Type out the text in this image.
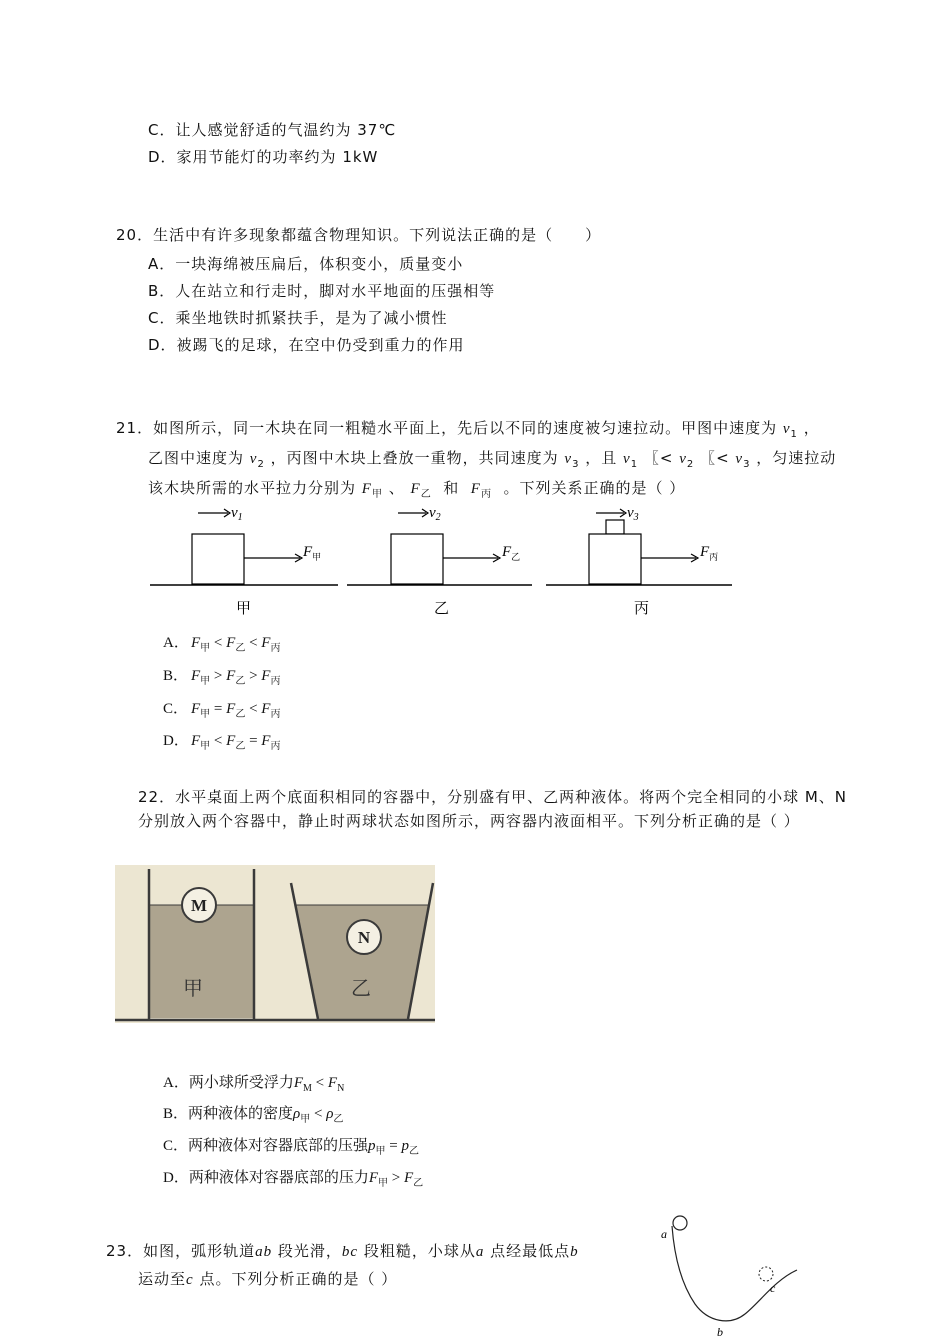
C．让人感觉舒适的气温约为 37℃
D．家用节能灯的功率约为 1kW
20．生活中有许多现象都蕴含物理知识。下列说法正确的是（　　）
A．一块海绵被压扁后，体积变小，质量变小
B．人在站立和行走时，脚对水平地面的压强相等
C．乘坐地铁时抓紧扶手，是为了减小惯性
D．被踢飞的足球，在空中仍受到重力的作用
21．如图所示，同一木块在同一粗糙水平面上，先后以不同的速度被匀速拉动。甲图中速度为 $v_1$ ，
乙图中速度为 $v_2$ ，丙图中木块上叠放一重物，共同速度为 $v_3$ ，且 $v_1$ 〖< $v_2$ 〖< $v_3$ ，匀速拉动
该木块所需的水平拉力分别为 $F_甲$ 、 $F_乙$ 和 $F_丙$ 。下列关系正确的是（ ）
$v_1$
$F_甲$
甲
$v_2$
$F_乙$
乙
$v_3$
$F_丙$
丙
A． $F_甲 < F_乙 < F_丙$
B． $F_甲 > F_乙 > F_丙$
C． $F_甲 = F_乙 < F_丙$
D． $F_甲 < F_乙 = F_丙$
22．水平桌面上两个底面积相同的容器中，分别盛有甲、乙两种液体。将两个完全相同的小球 M、N
分别放入两个容器中，静止时两球状态如图所示，两容器内液面相平。下列分析正确的是（ ）
M
甲
N
乙
A．两小球所受浮力$F_M < F_N$
B．两种液体的密度$\rho_甲 < \rho_乙$
C．两种液体对容器底部的压强$p_甲 = p_乙$
D．两种液体对容器底部的压力$F_甲 > F_乙$
23．如图，弧形轨道ab 段光滑，bc 段粗糙，小球从a 点经最低点b
运动至c 点。下列分析正确的是（ ）
a
b
c
